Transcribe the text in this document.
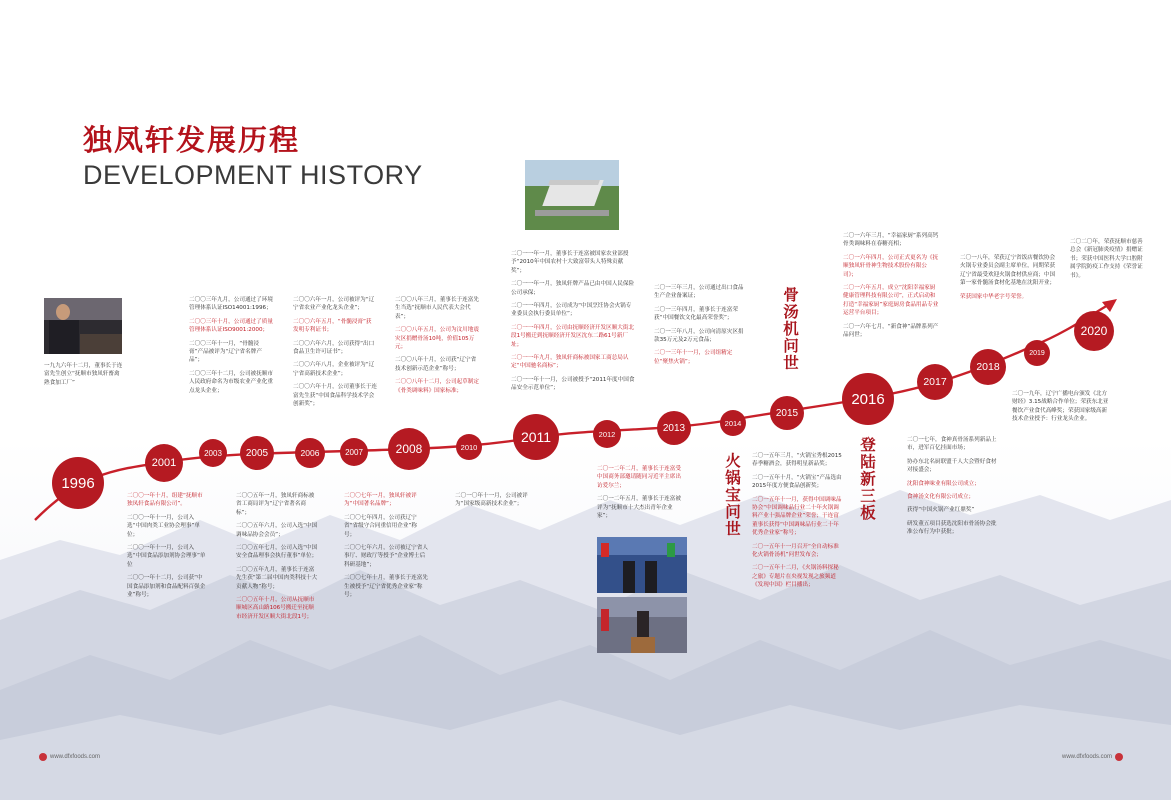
独凤轩发展历程
DEVELOPMENT HISTORY
1996
2001
2003	2005	2006	2007	2008	2010
2011	2012
2013	2014
2015
2016
2017
2018
2019
2020

一九九六年十二月，董事长于连富先生创立“抚顺市独凤轩畜禽熟食加工厂”

二〇〇一年十月，组建“抚顺市独凤轩食品有限公司”。

二〇〇一年十一月，公司入选“中国肉类工业协会理事”单位；

二〇〇一年十一月，公司入选“中国食品添加剂协会理事”单位

二〇〇一年十二月，公司获“中国食品添加剂和食品配料百强企业”称号；

二〇〇三年九月，公司通过了环境管理体系认证ISO14001:1996；

二〇〇三年十月，公司通过了质量管理体系认证ISO9001:2000；

二〇〇三年十一月，“骨髓浸膏”产品被评为“辽宁省名牌产品”；

二〇〇三年十二月，公司被抚顺市人民政府命名为市级农业产业化重点龙头企业；

二〇〇五年一月，独凤轩商标被省工商局评为“辽宁省著名商标”；

二〇〇五年六月，公司入选“中国调味品协会会员”；

二〇〇五年七月，公司入选“中国安全食品理事会执行董事”单位；

二〇〇五年九月，董事长于连富先生获“第二届中国肉类科技十大贡献人物”称号；

二〇〇五年十月，公司从抚顺市顺城区高山路106号搬迁至抚顺市经济开发区顺大街北段1号；

二〇〇六年一月，公司被评为“辽宁省农业产业化龙头企业”；

二〇〇六年五月，“骨髓浸膏”获发明专利证书；

二〇〇六年六月，公司获得“出口食品卫生许可证书”；

二〇〇六年八月，企业被评为“辽宁省高新技术企业”；

二〇〇六年十月，公司董事长于连富先生获“中国食品科学技术学会创新奖”；

二〇〇七年一月，独凤轩被评为“中国著名品牌”；

二〇〇七年四月，公司获辽宁省“省级守合同重信用企业”称号；

二〇〇七年六月，公司被辽宁省人事厅、财政厅等授予“企业博士后科研基地”；

二〇〇七年十月，董事长于连富先生被授予“辽宁省优秀企业家”称号；

二〇〇八年三月，董事长于连富先生当选“抚顺市人民代表大会代表”；

二〇〇八年五月，公司为汶川地震灾区捐赠骨汤10吨，价值105万元；

二〇〇八年十月，公司获“辽宁省技术创新示范企业”称号；

二〇〇八年十二月，公司起草制定《骨类调味料》国家标准；

二〇一〇年十一月，公司被评为“国家级高新技术企业”；

二〇一一年一月，董事长于连富被国家农业部授予“2010年中国农村十大致富带头人特殊贡献奖”；

二〇一一年一月，独凤轩牌产品已由中国人民保险公司承保；

二〇一一年四月，公司成为“中国烹饪协会火锅专业委员会执行委员单位”；

二〇一一年四月，公司由抚顺经济开发区顺大街北段1号搬迁到抚顺经济开发区沈东二路61号新厂址；

二〇一一年九月，独凤轩商标被国家工商总局认定“中国驰名商标”；

二〇一一年十一月，公司被授予“2011年度中国食品安全示范单位”；

二〇一二年二月，董事长于连富受中国商务部邀请随同习近平主席出访爱尔兰；

二〇一二年五月，董事长于连富被评为“抚顺市十大杰出青年企业家”；

二〇一三年三月，公司通过出口食品生产企业备案证；

二〇一三年四月，董事长于连富荣获“中国餐饮文化最高荣誉奖”；

二〇一三年八月，公司向清原灾区捐款35万元及2万元食品；

二〇一三年十一月，公司组精定位“聚焦火锅”；

骨汤机问世
火锅宝问世
登陆新三板

二〇一五年三月，“火锅宝秀根2015春季糖酒会，获得明星新品奖；

二〇一五年十月，“火锅宝”产品选由2015年度方便食品创新奖；

二〇一五年十一月，获得中国调味品协会“中国调味品行业二十年火锅调料产业十强品牌企业”荣誉；于连富董事长获得“中国调味品行业二十年优秀企业家”称号；

二〇一五年十一月召开“全自动标准化火锅骨汤机”问世发布会；

二〇一五年十二月，《火锅汤料探秘之旅》专题片在央视发现之旅频道《发现中国》栏目播出；

二〇一六年三月，“幸福家厨”系列高钙骨类调味料在春糖亮相；

二〇一六年四月，公司正式更名为《抚顺独凤轩骨神生物技术股份有限公司》；

二〇一六年五月，成立“沈阳幸福家厨健康管理科技有限公司”，正式启动和打造“幸福家厨”家庭厨房食品用品专业运营平台项目；

二〇一六年七月，“新食神”品牌系列产品问世；

二〇一七年，食神真骨汤系列新品上市，进军百亿挂面市场；

协办东北名厨联盟千人大会暨好食材对接盛会；

沈阳食神味业有限公司成立；

食神汤文化有限公司成立；

获得“中国火锅产业红鼎奖”

研发董五项目获选沈阳市骨汤协会批准公布行为中获批；

二〇一八年，荣获辽宁省饭店餐饮协会火锅专业委员会副主席单位，同期荣获辽宁省最受欢迎火锅食材供应商；中国第一家骨髓汤食材化基地在沈阳开业；

荣获国家中华老字号荣誉。

二〇一九年，辽宁广播电台颁发《北方财经》3.15战略合作单位；荣获东北亚餐饮产业食代高峰奖；荣获国家级高新技术企业授予：行业龙头企业。

二〇二〇年，荣获抚顺市慈善总会《新冠肺炎疫情》捐赠证书；荣获中国医科大学口腔附属学院防疫工作支持《荣誉证书》。

www.dfxfoods.com	www.dfxfoods.com
